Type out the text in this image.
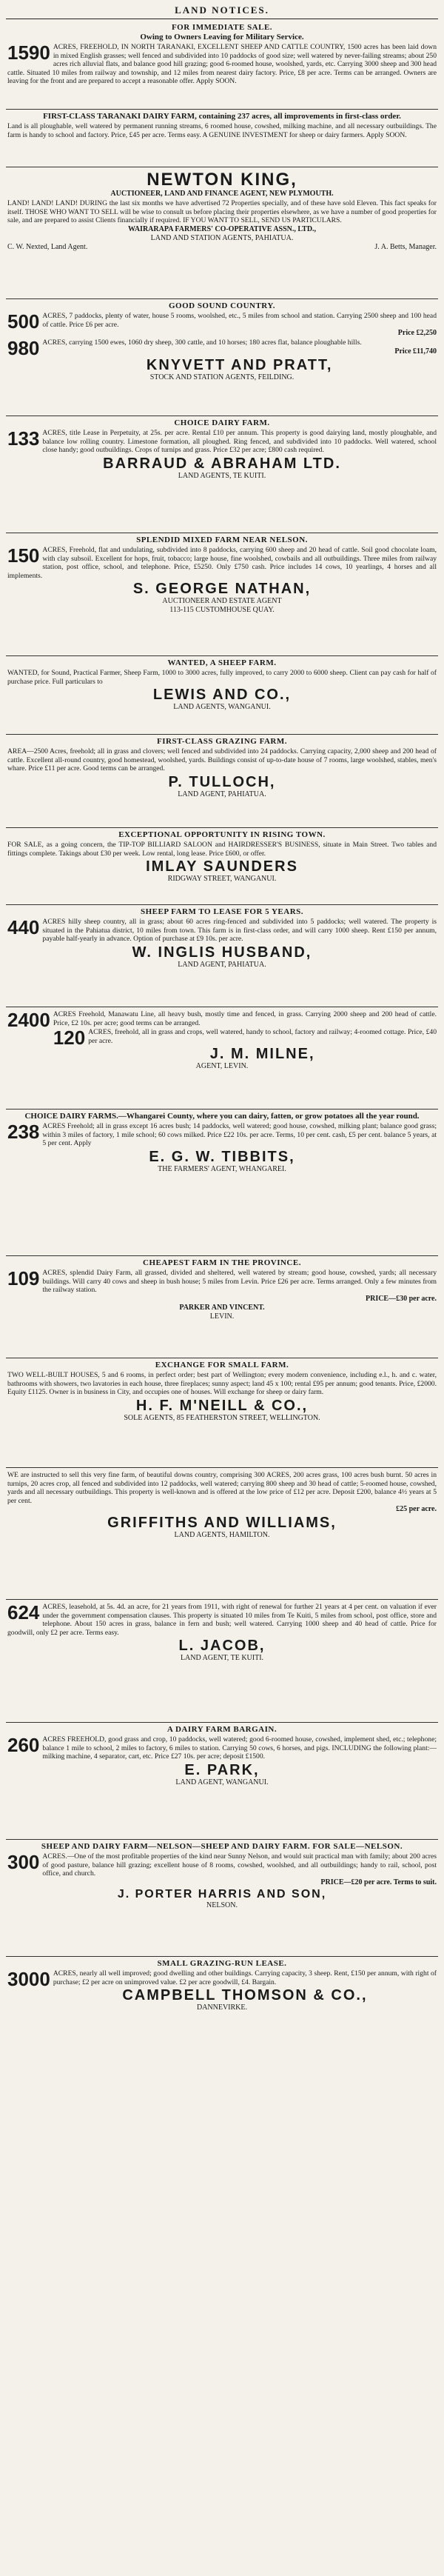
LAND NOTICES.
FOR IMMEDIATE SALE.
Owing to Owners Leaving for Military Service.
1590 ACRES, FREEHOLD, IN NORTH TARANAKI, EXCELLENT SHEEP AND CATTLE COUNTRY, 1500 acres has been laid down in mixed English grasses; well fenced and subdivided into 10 paddocks of good size; well watered by never-failing streams; about 250 acres rich alluvial flats, and balance good hill grazing; good 6-roomed house, woolshed, yards, etc. Carrying 3000 sheep and 300 head cattle. Situated 10 miles from railway and township, and 12 miles from nearest dairy factory. Price, £8 per acre. Terms can be arranged. Owners are leaving for the front and are prepared to accept a reasonable offer. Apply SOON.
FIRST-CLASS TARANAKI DAIRY FARM, containing 237 acres, all improvements in first-class order.
Land is all ploughable, well watered by permanent running streams, 6 roomed house, cowshed, milking machine, and all necessary outbuildings. The farm is handy to school and factory. Price, £45 per acre. Terms easy. A GENUINE INVESTMENT for sheep or dairy farmers. Apply SOON.
NEWTON KING,
AUCTIONEER, LAND AND FINANCE AGENT, NEW PLYMOUTH.
LAND! LAND! LAND! DURING the last six months we have advertised 72 Properties specially, and of these have sold Eleven. This fact speaks for itself. THOSE WHO WANT TO SELL will be wise to consult us before placing their properties elsewhere, as we have a number of good properties for sale, and are prepared to assist Clients financially if required. IF YOU WANT TO SELL, SEND US PARTICULARS.
WAIRARAPA FARMERS' CO-OPERATIVE ASSN., LTD.,
LAND AND STATION AGENTS, PAHIATUA.
C. W. Nexted, Land Agent.	J. A. Betts, Manager.
GOOD SOUND COUNTRY.
500 ACRES, 7 paddocks, plenty of water, house 5 rooms, woolshed, etc., 5 miles from school and station. Carrying 2500 sheep and 100 head of cattle. Price £6 per acre.
Price £2,250
980 ACRES, carrying 1500 ewes, 1060 dry sheep, 300 cattle, and 10 horses; 180 acres flat, balance ploughable hills.
Price £11,740
KNYVETT AND PRATT,
STOCK AND STATION AGENTS, FEILDING.
CHOICE DAIRY FARM.
133 ACRES, title Lease in Perpetuity, at 25s. per acre. Rental £10 per annum. This property is good dairying land, mostly ploughable, and balance low rolling country. Limestone formation, all ploughed. Ring fenced, and subdivided into 10 paddocks. Well watered, school close handy; good outbuildings. Crops of turnips and grass. Price £32 per acre; £800 cash required.
BARRAUD & ABRAHAM LTD.
LAND AGENTS, TE KUITI.
SPLENDID MIXED FARM NEAR NELSON.
150 ACRES, Freehold, flat and undulating, subdivided into 8 paddocks, carrying 600 sheep and 20 head of cattle. Soil good chocolate loam, with clay subsoil. Excellent for hops, fruit, tobacco; large house, fine woolshed, cowbails and all outbuildings. Three miles from railway station, post office, school, and telephone. Price, £5250. Only £750 cash. Price includes 14 cows, 10 yearlings, 4 horses and all implements.
S. GEORGE NATHAN,
AUCTIONEER AND ESTATE AGENT
113-115 CUSTOMHOUSE QUAY.
WANTED, A SHEEP FARM.
WANTED, for Sound, Practical Farmer, Sheep Farm, 1000 to 3000 acres, fully improved, to carry 2000 to 6000 sheep. Client can pay cash for half of purchase price. Full particulars to
LEWIS AND CO.,
LAND AGENTS, WANGANUI.
FIRST-CLASS GRAZING FARM.
AREA—2500 Acres, freehold; all in grass and clovers; well fenced and subdivided into 24 paddocks. Carrying capacity, 2,000 sheep and 200 head of cattle. Excellent all-round country, good homestead, woolshed, yards. Buildings consist of up-to-date house of 7 rooms, large woolshed, stables, men's whare. Price £11 per acre. Good terms can be arranged.
P. TULLOCH,
LAND AGENT, PAHIATUA.
EXCEPTIONAL OPPORTUNITY IN RISING TOWN.
FOR SALE, as a going concern, the TIP-TOP BILLIARD SALOON and HAIRDRESSER'S BUSINESS, situate in Main Street. Two tables and fittings complete. Takings about £30 per week. Low rental, long lease. Price £600, or offer.
IMLAY SAUNDERS
RIDGWAY STREET, WANGANUI.
SHEEP FARM TO LEASE FOR 5 YEARS.
440 ACRES hilly sheep country, all in grass; about 60 acres ring-fenced and subdivided into 5 paddocks; well watered. The property is situated in the Pahiatua district, 10 miles from town. This farm is in first-class order, and will carry 1000 sheep. Rent £150 per annum, payable half-yearly in advance. Option of purchase at £9 10s. per acre.
W. INGLIS HUSBAND,
LAND AGENT, PAHIATUA.
2400 ACRES Freehold, Manawatu Line, all heavy bush, mostly time and fenced, in grass. Carrying 2000 sheep and 200 head of cattle. Price, £2 10s. per acre; good terms can be arranged.
120 ACRES, freehold, all in grass and crops, well watered, handy to school, factory and railway; 4-roomed cottage. Price, £40 per acre.
J. M. MILNE,
AGENT, LEVIN.
CHOICE DAIRY FARMS.—Whangarei County, where you can dairy, fatten, or grow potatoes all the year round.
238 ACRES Freehold; all in grass except 16 acres bush; 14 paddocks, well watered; good house, cowshed, milking plant; balance good grass; within 3 miles of factory, 1 mile school; 60 cows milked. Price £22 10s. per acre. Terms, 10 per cent. cash, £5 per cent. balance 5 years, at 5 per cent. Apply
E. G. W. TIBBITS,
THE FARMERS' AGENT, WHANGAREI.
CHEAPEST FARM IN THE PROVINCE.
109 ACRES, splendid Dairy Farm, all grassed, divided and sheltered, well watered by stream; good house, cowshed, yards; all necessary buildings. Will carry 40 cows and sheep in bush house; 5 miles from Levin. Price £26 per acre. Terms arranged. Only a few minutes from the railway station.
PRICE—£30 per acre.
PARKER AND VINCENT.
LEVIN.
EXCHANGE FOR SMALL FARM.
TWO WELL-BUILT HOUSES, 5 and 6 rooms, in perfect order; best part of Wellington; every modern convenience, including e.l., h. and c. water, bathrooms with showers, two lavatories in each house, three fireplaces; sunny aspect; land 45 x 100; rental £95 per annum; good tenants. Price, £2000. Equity £1125. Owner is in business in City, and occupies one of houses. Will exchange for sheep or dairy farm.
H. F. M'NEILL & CO.,
SOLE AGENTS, 85 FEATHERSTON STREET, WELLINGTON.
WE are instructed to sell this very fine farm, of beautiful downs country, comprising 300 ACRES, 200 acres grass, 100 acres bush burnt. 50 acres in turnips, 20 acres crop, all fenced and subdivided into 12 paddocks, well watered; carrying 800 sheep and 30 head of cattle; 5-roomed house, cowshed, yards and all necessary outbuildings. This property is well-known and is offered at the low price of £12 per acre. Deposit £200, balance 4½ years at 5 per cent.
£25 per acre.
GRIFFITHS AND WILLIAMS,
LAND AGENTS, HAMILTON.
624 ACRES, leasehold, at 5s. 4d. an acre, for 21 years from 1911, with right of renewal for further 21 years at 4 per cent. on valuation if ever under the government compensation clauses. This property is situated 10 miles from Te Kuiti, 5 miles from school, post office, store and telephone. About 150 acres in grass, balance in fern and bush; well watered. Carrying 1000 sheep and 40 head of cattle. Price for goodwill, only £2 per acre. Terms easy.
L. JACOB,
LAND AGENT, TE KUITI.
A DAIRY FARM BARGAIN.
260 ACRES FREEHOLD, good grass and crop, 10 paddocks, well watered; good 6-roomed house, cowshed, implement shed, etc.; telephone; balance 1 mile to school, 2 miles to factory, 6 miles to station. Carrying 50 cows, 6 horses, and pigs. INCLUDING the following plant:—milking machine, 4 separator, cart, etc. Price £27 10s. per acre; deposit £1500.
E. PARK,
LAND AGENT, WANGANUI.
SHEEP AND DAIRY FARM—NELSON—SHEEP AND DAIRY FARM. FOR SALE—NELSON.
300 ACRES.—One of the most profitable properties of the kind near Sunny Nelson, and would suit practical man with family; about 200 acres of good pasture, balance hill grazing; excellent house of 8 rooms, cowshed, woolshed, and all outbuildings; handy to rail, school, post office, and church.
PRICE—£20 per acre. Terms to suit.
J. PORTER HARRIS AND SON,
NELSON.
SMALL GRAZING-RUN LEASE.
3000 ACRES, nearly all well improved; good dwelling and other buildings. Carrying capacity, 3 sheep. Rent, £150 per annum, with right of purchase; £2 per acre on unimproved value. £2 per acre goodwill, £4. Bargain.
CAMPBELL THOMSON & CO.,
DANNEVIRKE.
